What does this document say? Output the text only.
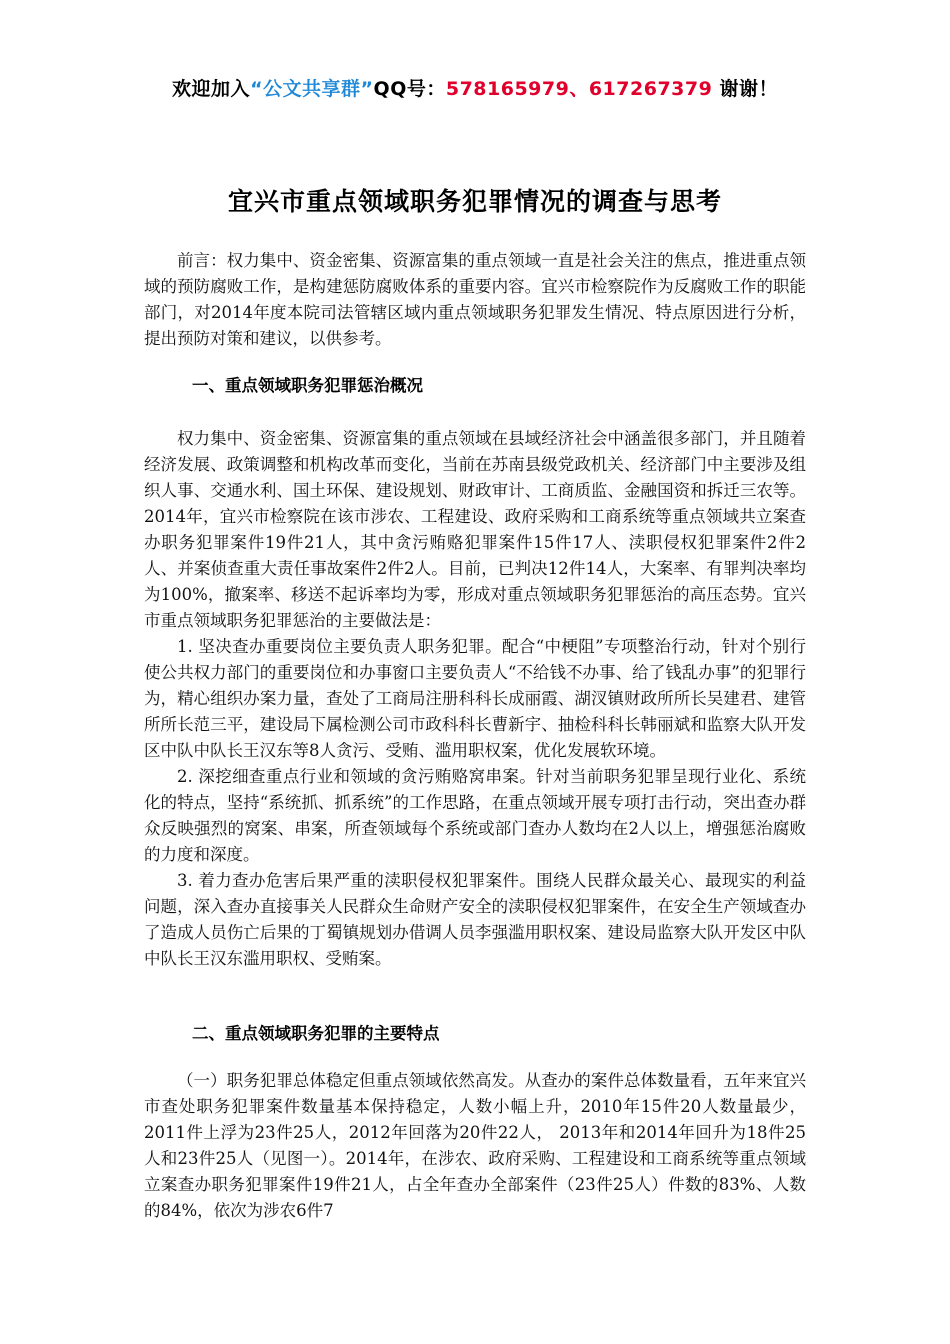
欢迎加入“公文共享群”QQ号：578165979、617267379 谢谢！
宜兴市重点领域职务犯罪情况的调查与思考

前言：权力集中、资金密集、资源富集的重点领域一直是社会关注的焦点，推进重点领域的预防腐败工作，是构建惩防腐败体系的重要内容。宜兴市检察院作为反腐败工作的职能部门，对2014年度本院司法管辖区域内重点领域职务犯罪发生情况、特点原因进行分析，提出预防对策和建议，以供参考。

一、重点领域职务犯罪惩治概况

权力集中、资金密集、资源富集的重点领域在县域经济社会中涵盖很多部门，并且随着经济发展、政策调整和机构改革而变化，当前在苏南县级党政机关、经济部门中主要涉及组织人事、交通水利、国土环保、建设规划、财政审计、工商质监、金融国资和拆迁三农等。2014年，宜兴市检察院在该市涉农、工程建设、政府采购和工商系统等重点领域共立案查办职务犯罪案件19件21人，其中贪污贿赂犯罪案件15件17人、渎职侵权犯罪案件2件2人、并案侦查重大责任事故案件2件2人。目前，已判决12件14人，大案率、有罪判决率均为100%，撤案率、移送不起诉率均为零，形成对重点领域职务犯罪惩治的高压态势。宜兴市重点领域职务犯罪惩治的主要做法是：

1. 坚决查办重要岗位主要负责人职务犯罪。配合“中梗阻”专项整治行动，针对个别行使公共权力部门的重要岗位和办事窗口主要负责人“不给钱不办事、给了钱乱办事”的犯罪行为，精心组织办案力量，查处了工商局注册科科长成丽霞、湖汊镇财政所所长吴建君、建管所所长范三平，建设局下属检测公司市政科科长曹新宇、抽检科科长韩丽斌和监察大队开发区中队中队长王汉东等8人贪污、受贿、滥用职权案，优化发展软环境。

2. 深挖细查重点行业和领域的贪污贿赂窝串案。针对当前职务犯罪呈现行业化、系统化的特点，坚持“系统抓、抓系统”的工作思路，在重点领域开展专项打击行动，突出查办群众反映强烈的窝案、串案，所查领域每个系统或部门查办人数均在2人以上，增强惩治腐败的力度和深度。

3. 着力查办危害后果严重的渎职侵权犯罪案件。围绕人民群众最关心、最现实的利益问题，深入查办直接事关人民群众生命财产安全的渎职侵权犯罪案件，在安全生产领域查办了造成人员伤亡后果的丁蜀镇规划办借调人员李强滥用职权案、建设局监察大队开发区中队中队长王汉东滥用职权、受贿案。

二、重点领域职务犯罪的主要特点

（一）职务犯罪总体稳定但重点领域依然高发。从查办的案件总体数量看，五年来宜兴市查处职务犯罪案件数量基本保持稳定，人数小幅上升，2010年15件20人数量最少，2011件上浮为23件25人，2012年回落为20件22人， 2013年和2014年回升为18件25人和23件25人（见图一）。2014年，在涉农、政府采购、工程建设和工商系统等重点领域立案查办职务犯罪案件19件21人，占全年查办全部案件（23件25人）件数的83%、人数的84%，依次为涉农6件7
